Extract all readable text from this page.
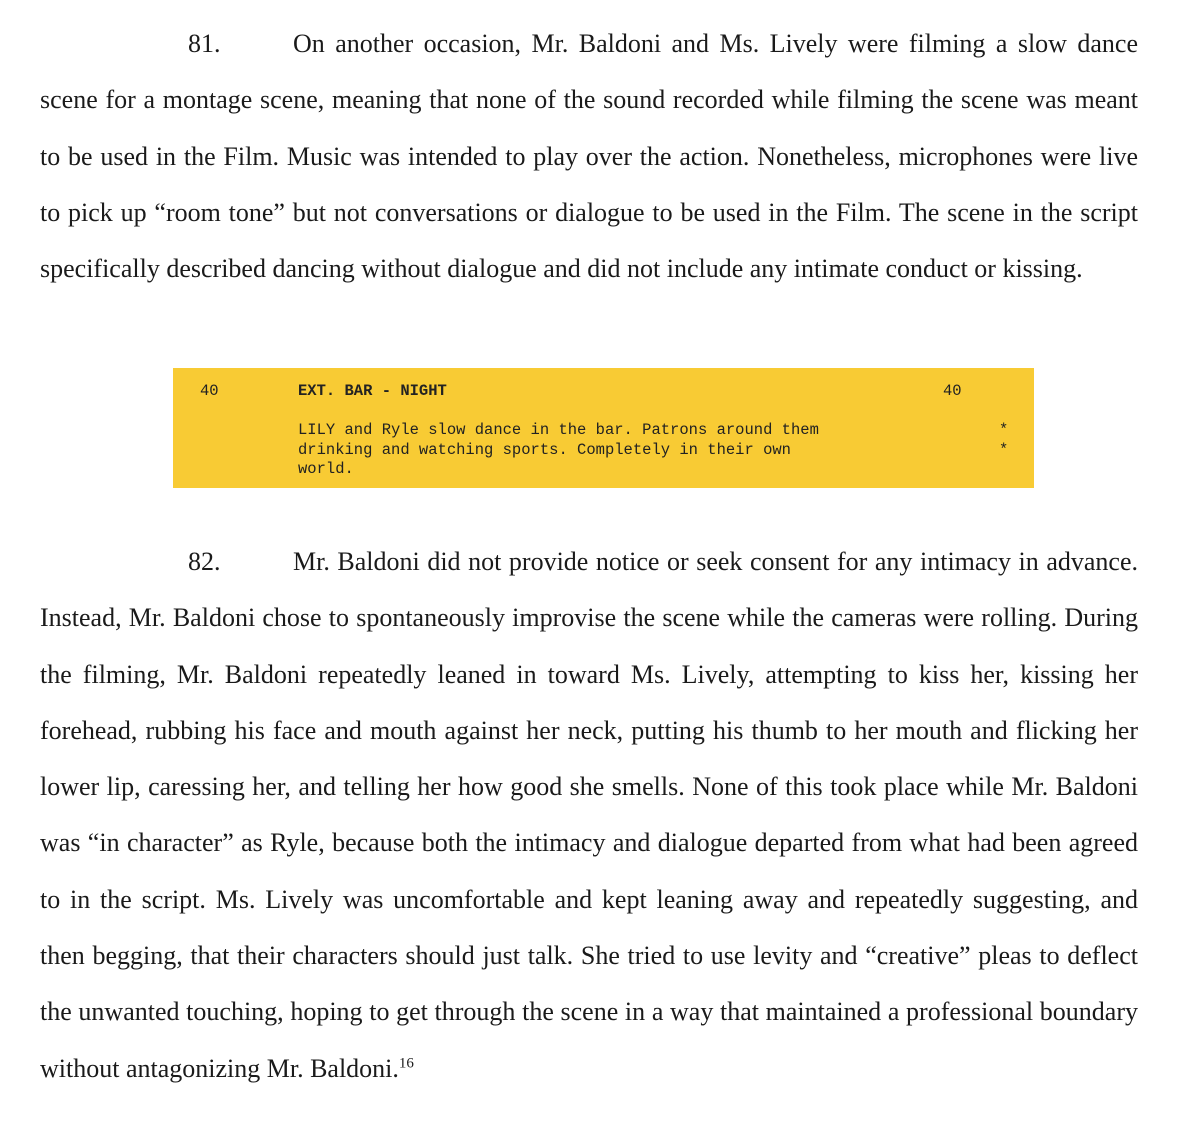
81.	On another occasion, Mr. Baldoni and Ms. Lively were filming a slow dance scene for a montage scene, meaning that none of the sound recorded while filming the scene was meant to be used in the Film. Music was intended to play over the action. Nonetheless, microphones were live to pick up “room tone” but not conversations or dialogue to be used in the Film. The scene in the script specifically described dancing without dialogue and did not include any intimate conduct or kissing.

40	EXT. BAR - NIGHT	40
LILY and Ryle slow dance in the bar. Patrons around them
drinking and watching sports. Completely in their own
world.
*
*

82.	Mr. Baldoni did not provide notice or seek consent for any intimacy in advance. Instead, Mr. Baldoni chose to spontaneously improvise the scene while the cameras were rolling. During the filming, Mr. Baldoni repeatedly leaned in toward Ms. Lively, attempting to kiss her, kissing her forehead, rubbing his face and mouth against her neck, putting his thumb to her mouth and flicking her lower lip, caressing her, and telling her how good she smells. None of this took place while Mr. Baldoni was “in character” as Ryle, because both the intimacy and dialogue departed from what had been agreed to in the script. Ms. Lively was uncomfortable and kept leaning away and repeatedly suggesting, and then begging, that their characters should just talk. She tried to use levity and “creative” pleas to deflect the unwanted touching, hoping to get through the scene in a way that maintained a professional boundary without antagonizing Mr. Baldoni.$^{16}$
